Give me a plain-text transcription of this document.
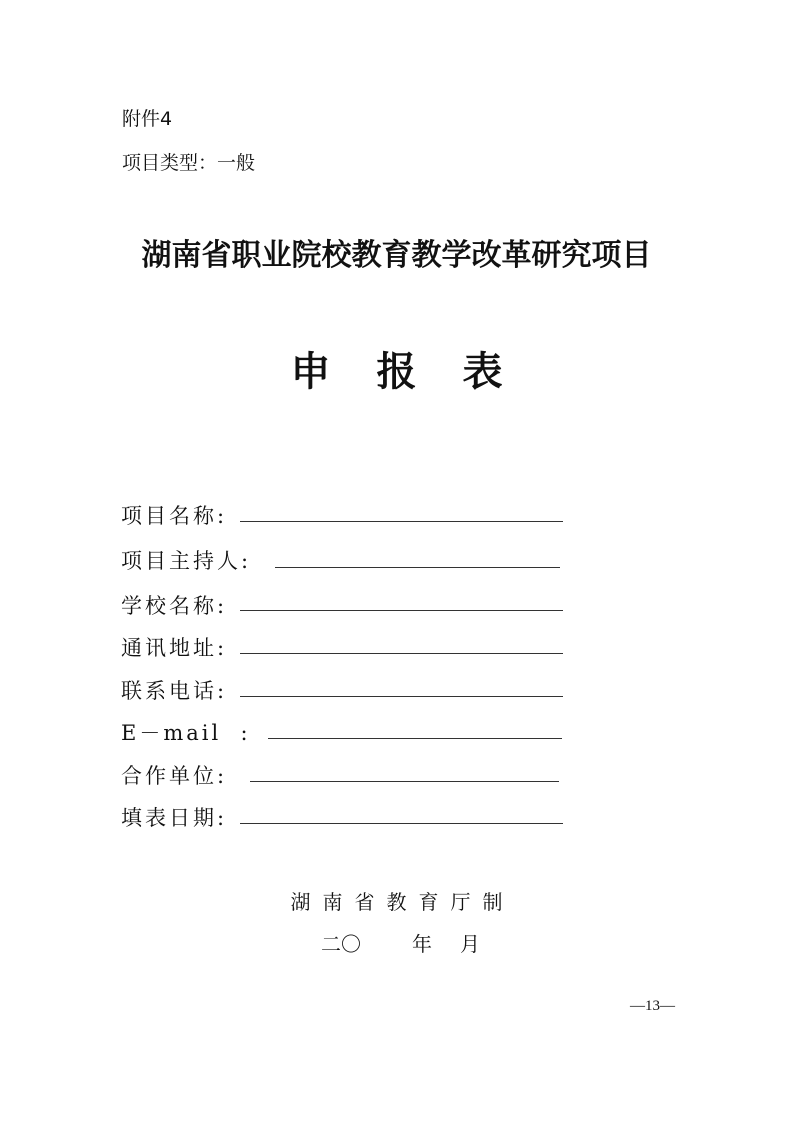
附件4
项目类型：一般
湖南省职业院校教育教学改革研究项目
申报表
项目名称:
项目主持人:
学校名称:
通讯地址:
联系电话:
E－mail  :
合作单位:
填表日期:
湖南省教育厅制
二〇	年 月
—13—
